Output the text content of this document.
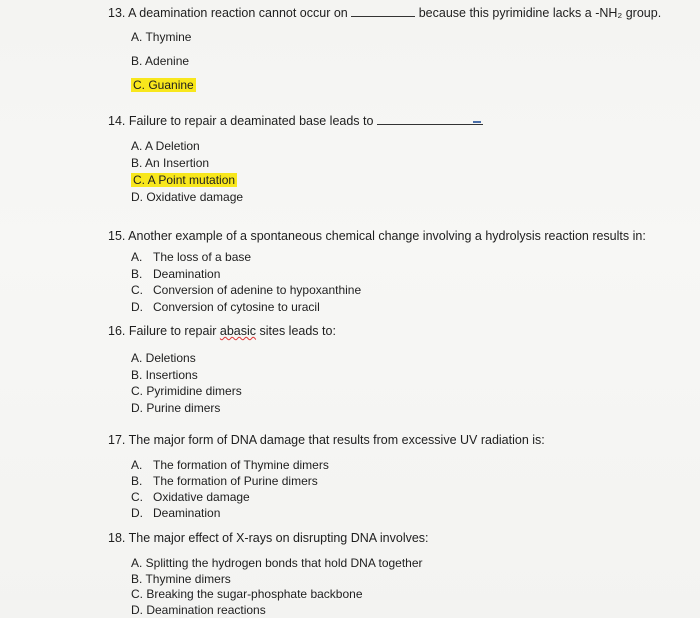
13. A deamination reaction cannot occur on	because this pyrimidine lacks a -NH₂ group.
A. Thymine
B. Adenine
C. Guanine
14. Failure to repair a deaminated base leads to
A. A Deletion
B. An Insertion
C. A Point mutation
D. Oxidative damage
15. Another example of a spontaneous chemical change involving a hydrolysis reaction results in:
A. The loss of a base
B. Deamination
C. Conversion of adenine to hypoxanthine
D. Conversion of cytosine to uracil
16. Failure to repair abasic sites leads to:
A. Deletions
B. Insertions
C. Pyrimidine dimers
D. Purine dimers
17. The major form of DNA damage that results from excessive UV radiation is:
A. The formation of Thymine dimers
B. The formation of Purine dimers
C. Oxidative damage
D. Deamination
18. The major effect of X-rays on disrupting DNA involves:
A. Splitting the hydrogen bonds that hold DNA together
B. Thymine dimers
C. Breaking the sugar-phosphate backbone
D. Deamination reactions
